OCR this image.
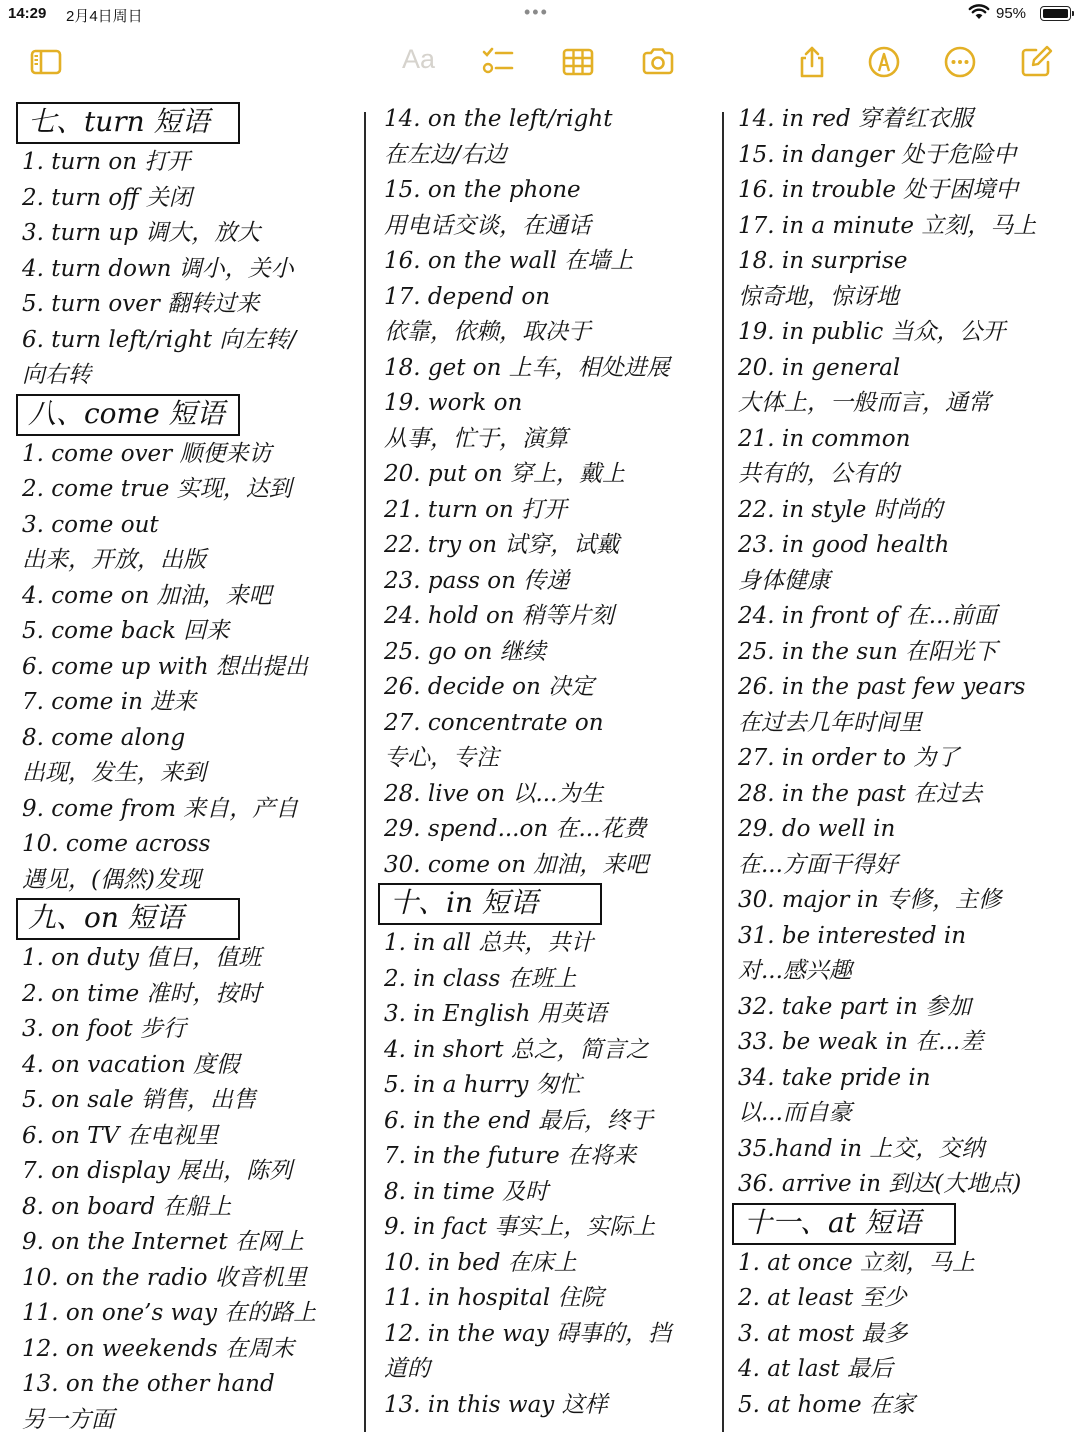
14:29 2月4日周日	•••	95%
Aa
七、turn 短语
1. turn on 打开
2. turn off 关闭
3. turn up 调大，放大
4. turn down 调小，关小
5. turn over 翻转过来
6. turn left/right 向左转/
向右转
八、come 短语
1. come over 顺便来访
2. come true 实现，达到
3. come out
出来，开放，出版
4. come on 加油，来吧
5. come back 回来
6. come up with 想出提出
7. come in 进来
8. come along
出现，发生，来到
9. come from 来自，产自
10. come across
遇见，(偶然)发现
九、on 短语
1. on duty 值日，值班
2. on time 准时，按时
3. on foot 步行
4. on vacation 度假
5. on sale 销售，出售
6. on TV 在电视里
7. on display 展出，陈列
8. on board 在船上
9. on the Internet 在网上
10. on the radio 收音机里
11. on one’s way 在的路上
12. on weekends 在周末
13. on the other hand
另一方面
14. on the left/right
在左边/右边
15. on the phone
用电话交谈，在通话
16. on the wall 在墙上
17. depend on
依靠，依赖，取决于
18. get on 上车，相处进展
19. work on
从事，忙于，演算
20. put on 穿上，戴上
21. turn on 打开
22. try on 试穿，试戴
23. pass on 传递
24. hold on 稍等片刻
25. go on 继续
26. decide on 决定
27. concentrate on
专心，专注
28. live on 以...为生
29. spend...on 在...花费
30. come on 加油，来吧
十、in 短语
1. in all 总共，共计
2. in class 在班上
3. in English 用英语
4. in short 总之，简言之
5. in a hurry 匆忙
6. in the end 最后，终于
7. in the future 在将来
8. in time 及时
9. in fact 事实上，实际上
10. in bed 在床上
11. in hospital 住院
12. in the way 碍事的，挡
道的
13. in this way 这样
14. in red 穿着红衣服
15. in danger 处于危险中
16. in trouble 处于困境中
17. in a minute 立刻，马上
18. in surprise
惊奇地，惊讶地
19. in public 当众，公开
20. in general
大体上，一般而言，通常
21. in common
共有的，公有的
22. in style 时尚的
23. in good health
身体健康
24. in front of 在...前面
25. in the sun 在阳光下
26. in the past few years
在过去几年时间里
27. in order to 为了
28. in the past 在过去
29. do well in
在...方面干得好
30. major in 专修，主修
31. be interested in
对...感兴趣
32. take part in 参加
33. be weak in 在...差
34. take pride in
以...而自豪
35.hand in 上交，交纳
36. arrive in 到达(大地点)
十一、at 短语
1. at once 立刻，马上
2. at least 至少
3. at most 最多
4. at last 最后
5. at home 在家
